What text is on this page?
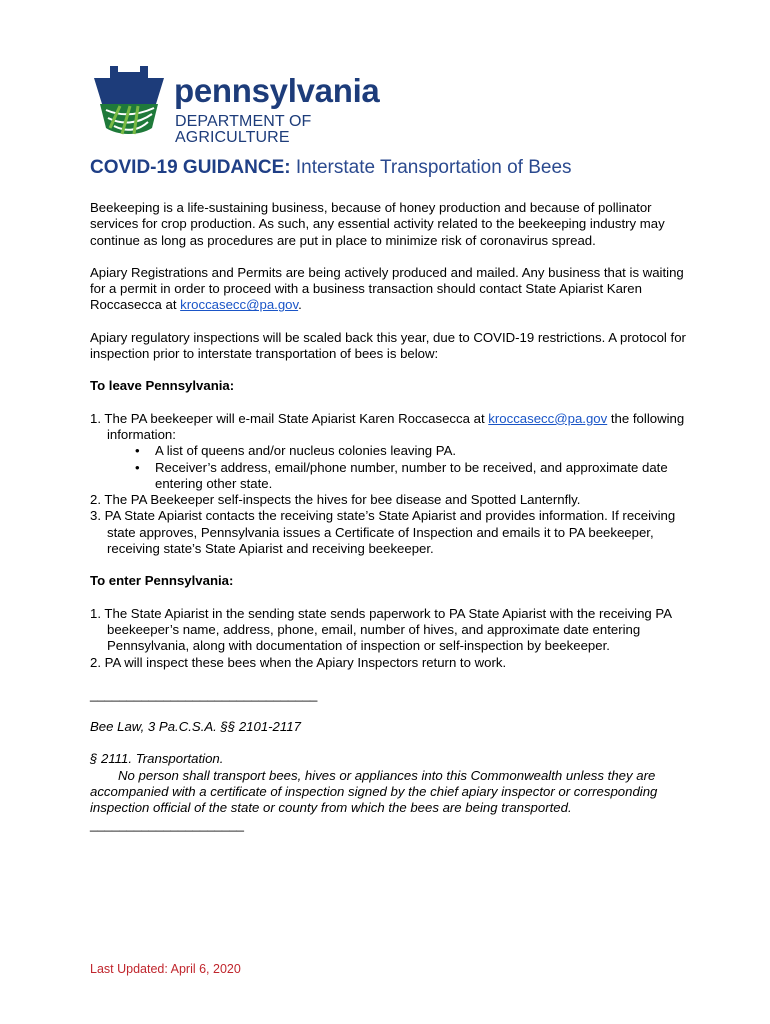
pennsylvania
DEPARTMENT OF AGRICULTURE
COVID-19 GUIDANCE: Interstate Transportation of Bees

Beekeeping is a life-sustaining business, because of honey production and because of pollinator services for crop production. As such, any essential activity related to the beekeeping industry may continue as long as procedures are put in place to minimize risk of coronavirus spread.

Apiary Registrations and Permits are being actively produced and mailed. Any business that is waiting for a permit in order to proceed with a business transaction should contact State Apiarist Karen Roccasecca at kroccasecc@pa.gov.

Apiary regulatory inspections will be scaled back this year, due to COVID-19 restrictions. A protocol for inspection prior to interstate transportation of bees is below:

To leave Pennsylvania:
1. The PA beekeeper will e-mail State Apiarist Karen Roccasecca at kroccasecc@pa.gov the following information:
• A list of queens and/or nucleus colonies leaving PA.
• Receiver’s address, email/phone number, number to be received, and approximate date entering other state.
2. The PA Beekeeper self-inspects the hives for bee disease and Spotted Lanternfly.
3. PA State Apiarist contacts the receiving state’s State Apiarist and provides information. If receiving state approves, Pennsylvania issues a Certificate of Inspection and emails it to PA beekeeper, receiving state’s State Apiarist and receiving beekeeper.
To enter Pennsylvania:
1. The State Apiarist in the sending state sends paperwork to PA State Apiarist with the receiving PA beekeeper’s name, address, phone, email, number of hives, and approximate date entering Pennsylvania, along with documentation of inspection or self-inspection by beekeeper.
2. PA will inspect these bees when the Apiary Inspectors return to work.
_______________________________

Bee Law, 3 Pa.C.S.A. §§ 2101-2117

§ 2111. Transportation.

No person shall transport bees, hives or appliances into this Commonwealth unless they are accompanied with a certificate of inspection signed by the chief apiary inspector or corresponding inspection official of the state or county from which the bees are being transported.

_____________________
Last Updated: April 6, 2020
